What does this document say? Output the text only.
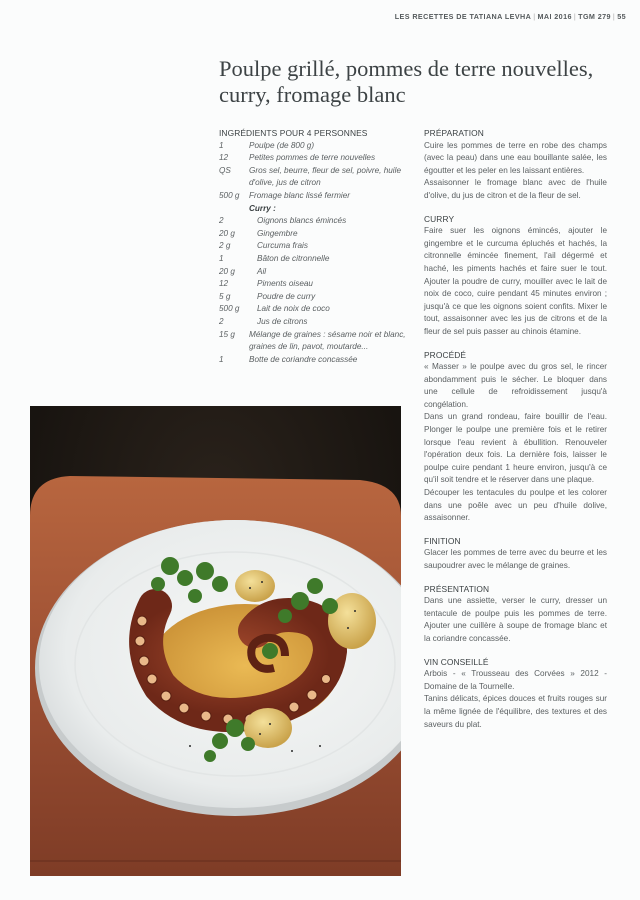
LES RECETTES DE TATIANA LEVHA | MAI 2016 | TGM 279 | 55
Poulpe grillé, pommes de terre nouvelles,
curry, fromage blanc
INGRÉDIENTS POUR 4 PERSONNES
1	Poulpe (de 800 g)
12	Petites pommes de terre nouvelles
QS	Gros sel, beurre, fleur de sel, poivre, huile d'olive, jus de citron
500 g	Fromage blanc lissé fermier
Curry :
2	Oignons blancs émincés
20 g	Gingembre
2 g	Curcuma frais
1	Bâton de citronnelle
20 g	Ail
12	Piments oiseau
5 g	Poudre de curry
500 g	Lait de noix de coco
2	Jus de citrons
15 g	Mélange de graines : sésame noir et blanc, graines de lin, pavot, moutarde...
1	Botte de coriandre concassée
PRÉPARATION

Cuire les pommes de terre en robe des champs (avec la peau) dans une eau bouillante salée, les égoutter et les peler en les laissant entières.

Assaisonner le fromage blanc avec de l'huile d'olive, du jus de citron et de la fleur de sel.

CURRY

Faire suer les oignons émincés, ajouter le gingembre et le curcuma épluchés et hachés, la citronnelle émincée finement, l'ail dégermé et haché, les piments hachés et faire suer le tout. Ajouter la poudre de curry, mouiller avec le lait de noix de coco, cuire pendant 45 minutes environ ; jusqu'à ce que les oignons soient confits. Mixer le tout, assaisonner avec les jus de citrons et de la fleur de sel puis passer au chinois étamine.

PROCÉDÉ

« Masser » le poulpe avec du gros sel, le rincer abondamment puis le sécher. Le bloquer dans une cellule de refroidissement jusqu'à congélation.

Dans un grand rondeau, faire bouillir de l'eau. Plonger le poulpe une première fois et le retirer lorsque l'eau revient à ébullition. Renouveler l'opération deux fois. La dernière fois, laisser le poulpe cuire pendant 1 heure environ, jusqu'à ce qu'il soit tendre et le réserver dans une plaque.

Découper les tentacules du poulpe et les colorer dans une poêle avec un peu d'huile dolive, assaisonner.

FINITION

Glacer les pommes de terre avec du beurre et les saupoudrer avec le mélange de graines.

PRÉSENTATION

Dans une assiette, verser le curry, dresser un tentacule de poulpe puis les pommes de terre. Ajouter une cuillère à soupe de fromage blanc et la coriandre concassée.

VIN CONSEILLÉ

Arbois - « Trousseau des Corvées » 2012 - Domaine de la Tournelle.

Tanins délicats, épices douces et fruits rouges sur la même lignée de l'équilibre, des textures et des saveurs du plat.
